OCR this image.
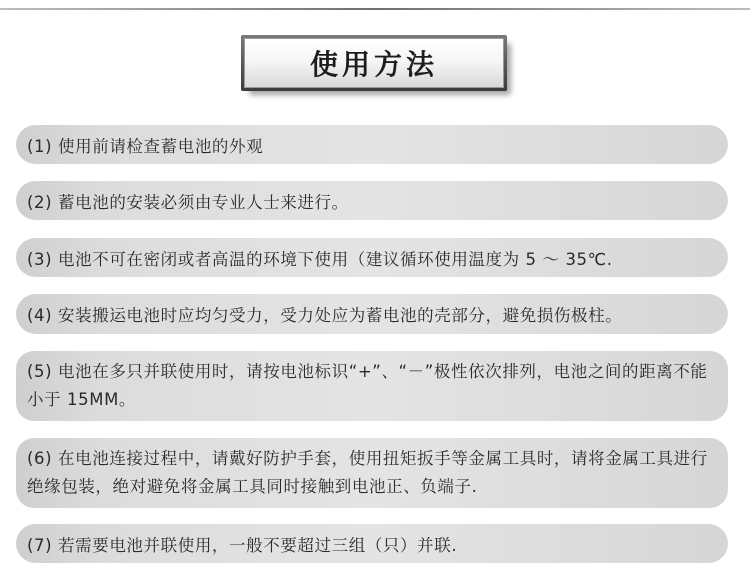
使用方法
(1) 使用前请检查蓄电池的外观
(2) 蓄电池的安装必须由专业人士来进行。
(3) 电池不可在密闭或者高温的环境下使用（建议循环使用温度为 5 ～ 35℃.
(4) 安装搬运电池时应均匀受力，受力处应为蓄电池的壳部分，避免损伤极柱。
(5) 电池在多只并联使用时，请按电池标识“+”、“－”极性依次排列，电池之间的距离不能小于 15MM。
(6) 在电池连接过程中，请戴好防护手套，使用扭矩扳手等金属工具时，请将金属工具进行绝缘包装，绝对避免将金属工具同时接触到电池正、负端子.
(7) 若需要电池并联使用，一般不要超过三组（只）并联.
